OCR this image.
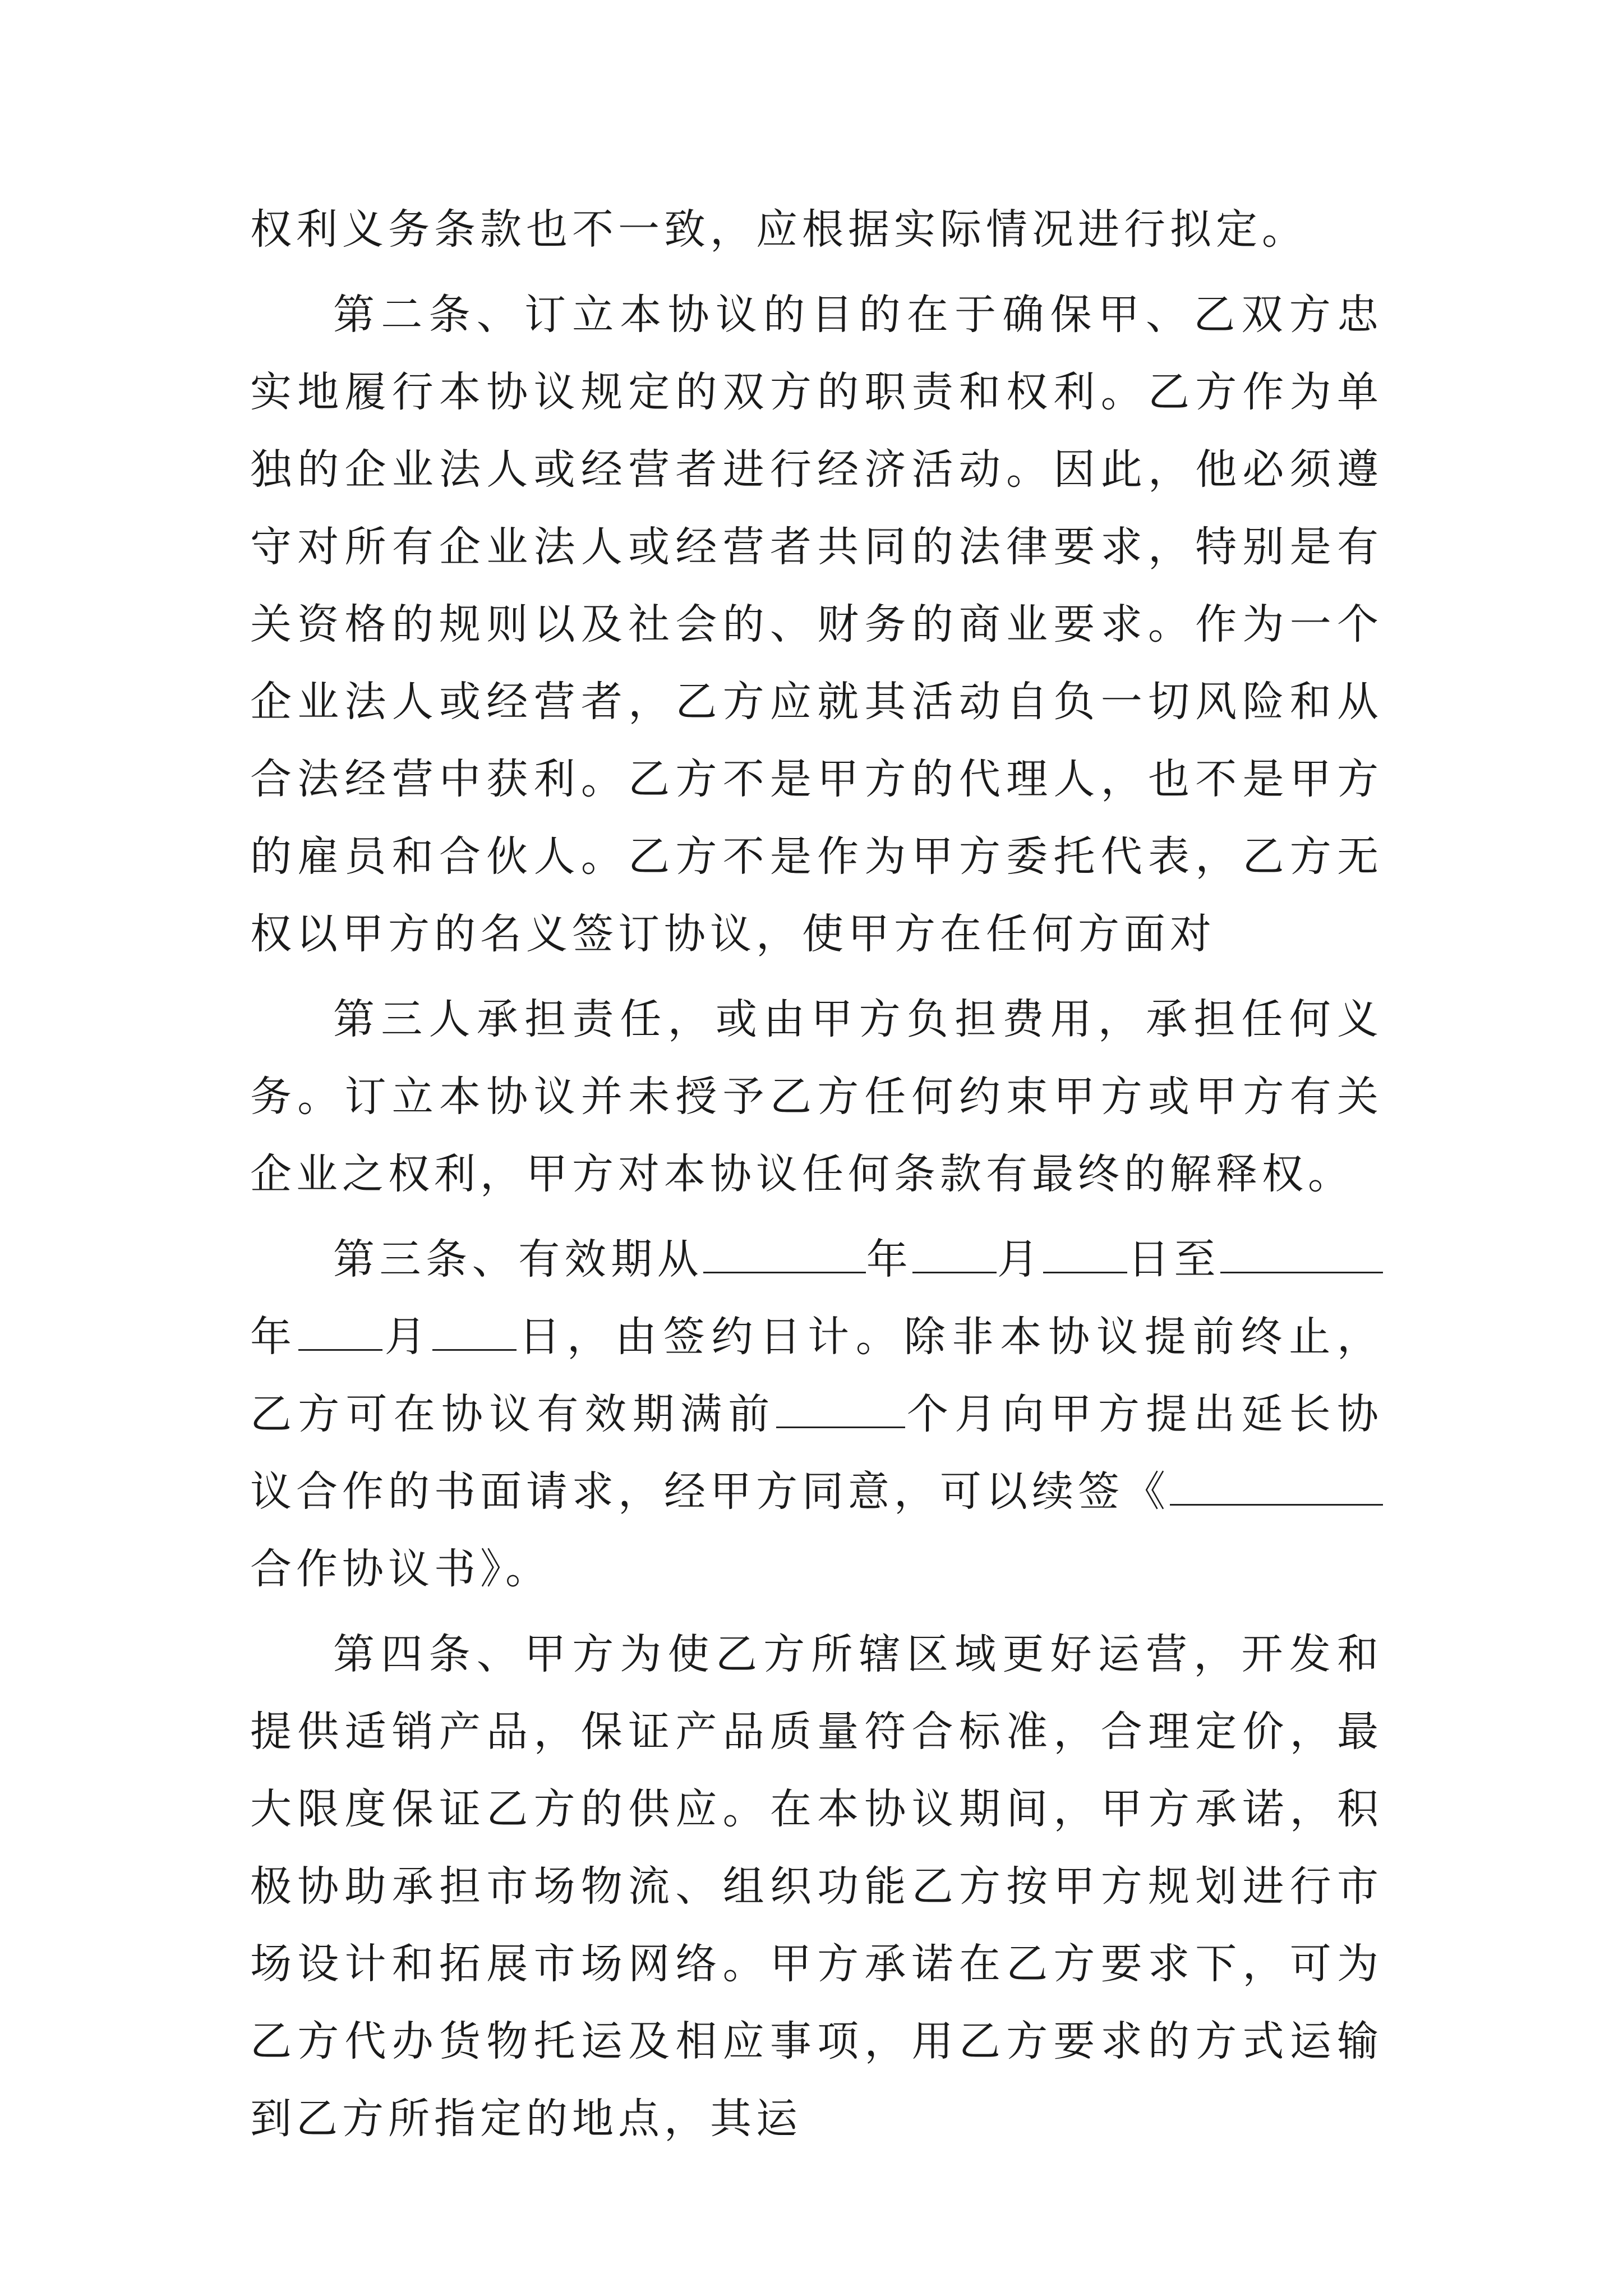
权利义务条款也不一致，应根据实际情况进行拟定。

第二条、订立本协议的目的在于确保甲、乙双方忠实地履行本协议规定的双方的职责和权利。乙方作为单独的企业法人或经营者进行经济活动。因此，他必须遵守对所有企业法人或经营者共同的法律要求，特别是有关资格的规则以及社会的、财务的商业要求。作为一个企业法人或经营者，乙方应就其活动自负一切风险和从合法经营中获利。乙方不是甲方的代理人，也不是甲方的雇员和合伙人。乙方不是作为甲方委托代表，乙方无权以甲方的名义签订协议，使甲方在任何方面对

第三人承担责任，或由甲方负担费用，承担任何义务。订立本协议并未授予乙方任何约束甲方或甲方有关企业之权利，甲方对本协议任何条款有最终的解释权。

第三条、有效期从	年 月 日至年 月 日，由签约日计。除非本协议提前终止，乙方可在协议有效期满前	个月向甲方提出延长协议合作的书面请求，经甲方同意，可以续签《合作协议书》。

第四条、甲方为使乙方所辖区域更好运营，开发和提供适销产品，保证产品质量符合标准，合理定价，最大限度保证乙方的供应。在本协议期间，甲方承诺，积极协助承担市场物流、组织功能乙方按甲方规划进行市场设计和拓展市场网络。甲方承诺在乙方要求下，可为乙方代办货物托运及相应事项，用乙方要求的方式运输到乙方所指定的地点，其运
